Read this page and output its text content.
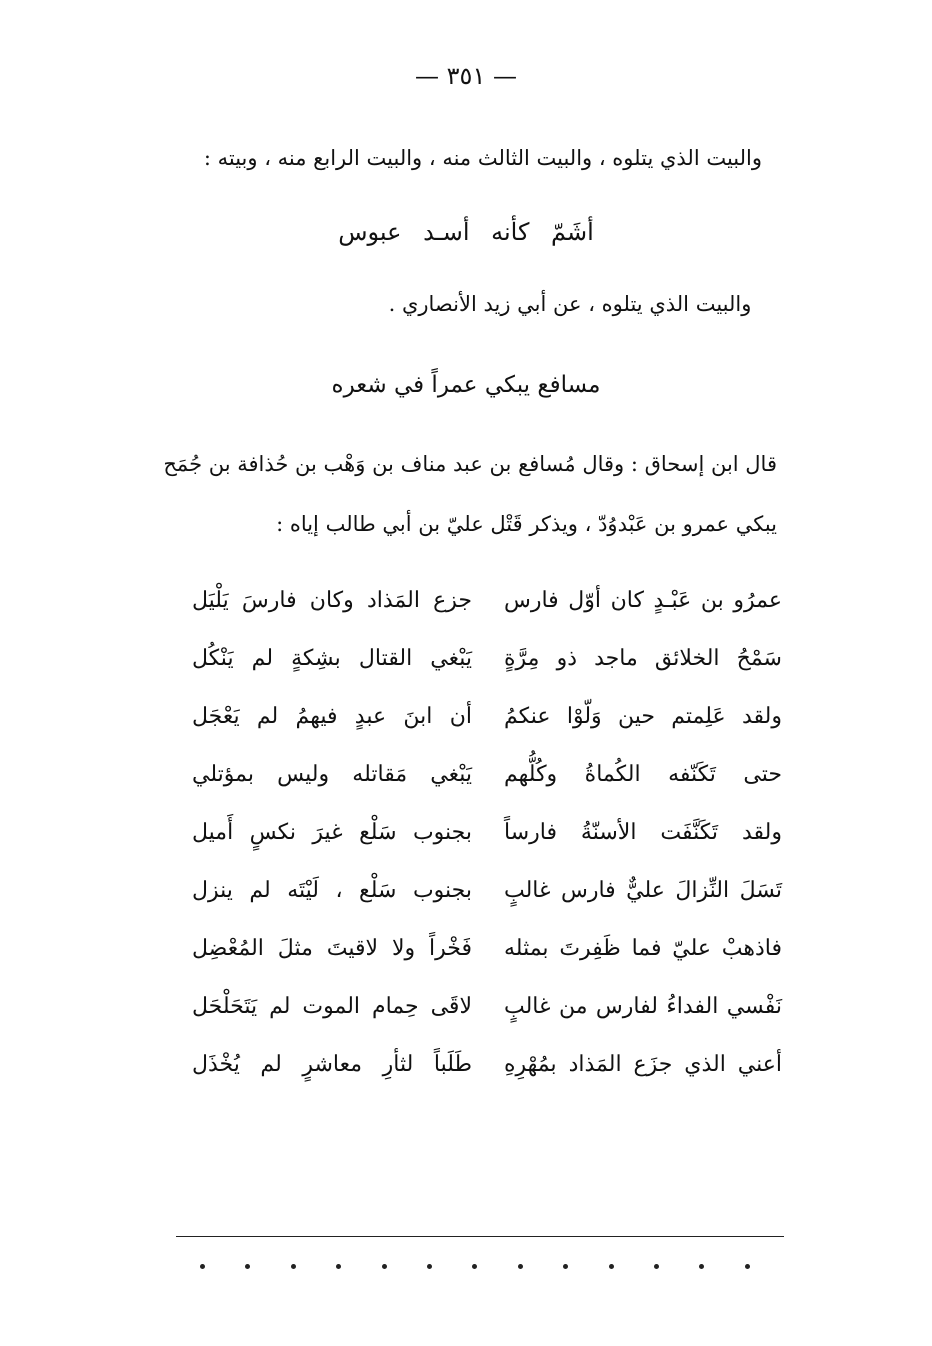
— ٣٥١ —
والبيت الذي يتلوه ، والبيت الثالث منه ، والبيت الرابع منه ، وبيته :
أشَمّ كأنه أسـد عبوس
والبيت الذي يتلوه ، عن أبي زيد الأنصاري .
مسافع يبكي عمراً في شعره
قال ابن إسحاق : وقال مُسافع بن عبد مناف بن وَهْب بن حُذافة بن جُمَح
يبكي عمرو بن عَبْدوُدّ ، ويذكر قَتْل عليّ بن أبي طالب إياه :
عمرُو بن عَبْـدٍ كان أوّل فارس
جزع المَذاد وكان فارسَ يَلْيَل
سَمْحُ الخلائق ماجد ذو مِرَّةٍ
يَبْغي القتال بشِكةٍ لم يَنْكُل
ولقد عَلِمتم حين وَلّوْا عنكمُ
أن ابنَ عبدٍ فيهمُ لم يَعْجَل
حتى تَكَنّفه الكُماةُ وكُلُّهم
يَبْغي مَقاتله وليس بمؤتلي
ولقد تَكَنَّفَت الأسنّةُ فارساً
بجنوب سَلْع غيرَ نكسٍ أَميل
تَسَلَ النِّزالَ عليٌّ فارس غالبٍ
بجنوب سَلْع ، لَيْتَه لم ينزل
فاذهبْ عليّ فما ظَفِرتَ بمثله
فَخْراً ولا لاقيتَ مثلَ المُعْضِل
نَفْسي الفداءُ لفارس من غالبٍ
لاقَى حِمام الموت لم يَتَحَلْحَل
أعني الذي جزَع المَذاد بمُهْرِهِ
طَلَباً لثأرِ معاشرٍ لم يُخْذَل
